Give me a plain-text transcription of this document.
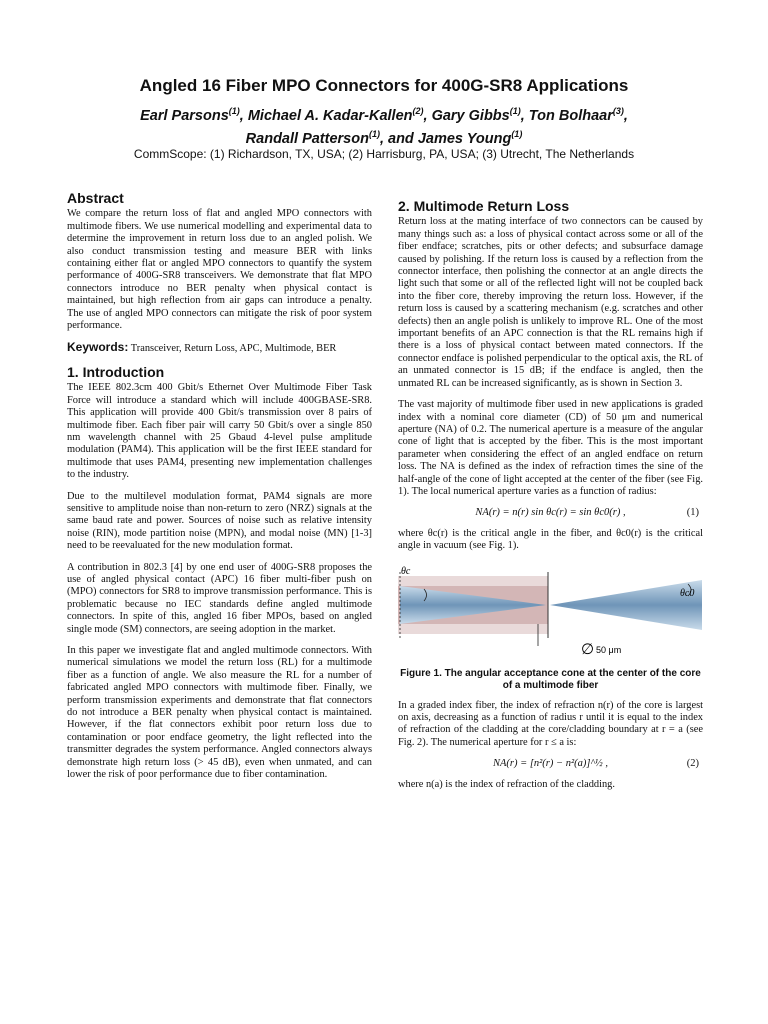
Angled 16 Fiber MPO Connectors for 400G-SR8 Applications
Earl Parsons$^{(1)}$, Michael A. Kadar-Kallen$^{(2)}$, Gary Gibbs$^{(1)}$, Ton Bolhaar$^{(3)}$,
Randall Patterson$^{(1)}$, and James Young$^{(1)}$
CommScope: (1) Richardson, TX, USA; (2) Harrisburg, PA, USA; (3) Utrecht, The Netherlands
Abstract

We compare the return loss of flat and angled MPO connectors with multimode fibers. We use numerical modelling and experimental data to determine the improvement in return loss due to an angled polish. We also conduct transmission testing and measure BER with links containing either flat or angled MPO connectors to quantify the system performance of 400G-SR8 transceivers. We demonstrate that flat MPO connectors introduce no BER penalty when physical contact is maintained, but high reflection from air gaps can introduce a penalty. The use of angled MPO connectors can mitigate the risk of poor system performance.

Keywords: Transceiver, Return Loss, APC, Multimode, BER
1. Introduction

The IEEE 802.3cm 400 Gbit/s Ethernet Over Multimode Fiber Task Force will introduce a standard which will include 400GBASE-SR8. This application will provide 400 Gbit/s transmission over 8 pairs of multimode fiber. Each fiber pair will carry 50 Gbit/s over a single 850 nm wavelength channel with 25 Gbaud 4-level pulse amplitude modulation (PAM4). This application will be the first IEEE standard for multimode that uses PAM4, presenting new implementation challenges to the industry.

Due to the multilevel modulation format, PAM4 signals are more sensitive to amplitude noise than non-return to zero (NRZ) signals at the same baud rate and power. Sources of noise such as relative intensity noise (RIN), mode partition noise (MPN), and modal noise (MN) [1-3] need to be reevaluated for the new modulation format.

A contribution in 802.3 [4] by one end user of 400G-SR8 proposes the use of angled physical contact (APC) 16 fiber multi-fiber push on (MPO) connectors for SR8 to improve transmission performance. This is problematic because no IEC standards define angled multimode connectors. In spite of this, angled 16 fiber MPOs, based on angled single mode (SM) connectors, are seeing adoption in the market.

In this paper we investigate flat and angled multimode connectors. With numerical simulations we model the return loss (RL) for a multimode fiber as a function of angle. We also measure the RL for a number of fabricated angled MPO connectors with multimode fiber. Finally, we perform transmission experiments and demonstrate that flat connectors do not introduce a BER penalty when physical contact is maintained. However, if the flat connectors exhibit poor return loss due to contamination or poor endface geometry, the light reflected into the transmitter degrades the system performance. Angled connectors always demonstrate high return loss (> 45 dB), even when unmated, and can lower the risk of poor performance due to fiber contamination.

2. Multimode Return Loss

Return loss at the mating interface of two connectors can be caused by many things such as: a loss of physical contact across some or all of the fiber endface; scratches, pits or other defects; and subsurface damage caused by polishing. If the return loss is caused by a reflection from the connector interface, then polishing the connector at an angle directs the light such that some or all of the reflected light will not be coupled back into the fiber core, thereby improving the return loss. However, if the return loss is caused by a scattering mechanism (e.g. scratches and other defects) then an angle polish is unlikely to improve RL. One of the most important benefits of an APC connection is that the RL remains high if there is a loss of physical contact between mated connectors. If the connector endface is polished perpendicular to the optical axis, the RL of an unmated connector is 15 dB; if the endface is angled, then the unmated RL can be increased significantly, as is shown in Section 3.

The vast majority of multimode fiber used in new applications is graded index with a nominal core diameter (CD) of 50 μm and numerical aperture (NA) of 0.2. The numerical aperture is a measure of the angular cone of light that is accepted by the fiber. This is the most important parameter when considering the effect of an angled endface on return loss. The NA is defined as the index of refraction times the sine of the half-angle of the cone of light accepted at the center of the fiber (see Fig. 1). The local numerical aperture varies as a function of radius:

NA(r) = n(r) sin θc(r) = sin θc0(r) ,	(1)

where θc(r) is the critical angle in the fiber, and θc0(r) is the critical angle in vacuum (see Fig. 1).

θc
θc0
∅ 50 μm
Figure 1. The angular acceptance cone at the center of the core of a multimode fiber

In a graded index fiber, the index of refraction n(r) of the core is largest on axis, decreasing as a function of radius r until it is equal to the index of refraction of the cladding at the core/cladding boundary at r = a (see Fig. 2). The numerical aperture for r ≤ a is:

NA(r) = [n²(r) − n²(a)]^½ ,	(2)

where n(a) is the index of refraction of the cladding.
